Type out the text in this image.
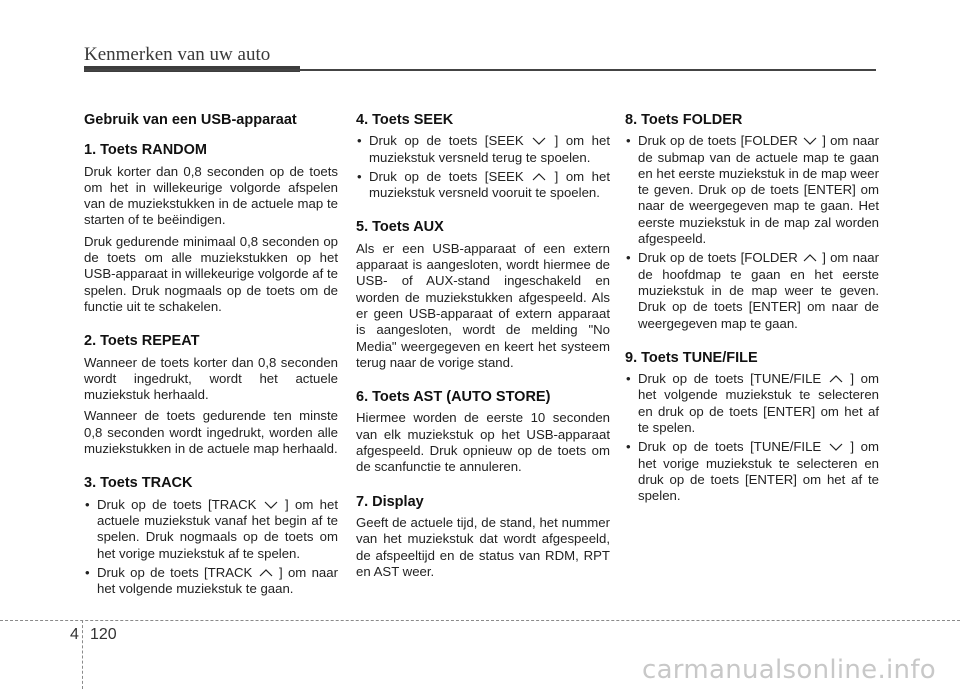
Kenmerken van uw auto
Gebruik van een USB-apparaat
1. Toets RANDOM

Druk korter dan 0,8 seconden op de toets om het in willekeurige volgorde afspelen van de muziekstukken in de actuele map te starten of te beëindigen.

Druk gedurende minimaal 0,8 seconden op de toets om alle muziekstukken op het USB-apparaat in willekeurige volgorde af te spelen. Druk nogmaals op de toets om de functie uit te schakelen.

2. Toets REPEAT

Wanneer de toets korter dan 0,8 seconden wordt ingedrukt, wordt het actuele muziekstuk herhaald.

Wanneer de toets gedurende ten minste 0,8 seconden wordt ingedrukt, worden alle muziekstukken in de actuele map herhaald.

3. Toets TRACK
• Druk op de toets [TRACK ] om het actuele muziekstuk vanaf het begin af te spelen. Druk nogmaals op de toets om het vorige muziekstuk af te spelen.
• Druk op de toets [TRACK ] om naar het volgende muziekstuk te gaan.
4. Toets SEEK
• Druk op de toets [SEEK ] om het muziekstuk versneld terug te spoelen.
• Druk op de toets [SEEK ] om het muziekstuk versneld vooruit te spoelen.
5. Toets AUX

Als er een USB-apparaat of een extern apparaat is aangesloten, wordt hiermee de USB- of AUX-stand ingeschakeld en worden de muziekstukken afgespeeld. Als er geen USB-apparaat of extern apparaat is aangesloten, wordt de melding "No Media" weergegeven en keert het systeem terug naar de vorige stand.

6. Toets AST (AUTO STORE)

Hiermee worden de eerste 10 seconden van elk muziekstuk op het USB-apparaat afgespeeld. Druk opnieuw op de toets om de scanfunctie te annuleren.

7. Display

Geeft de actuele tijd, de stand, het nummer van het muziekstuk dat wordt afgespeeld, de afspeeltijd en de status van RDM, RPT en AST weer.

8. Toets FOLDER
• Druk op de toets [FOLDER ] om naar de submap van de actuele map te gaan en het eerste muziekstuk in de map weer te geven. Druk op de toets [ENTER] om naar de weergegeven map te gaan. Het eerste muziekstuk in de map zal worden afgespeeld.
• Druk op de toets [FOLDER ] om naar de hoofdmap te gaan en het eerste muziekstuk in de map weer te geven. Druk op de toets [ENTER] om naar de weergegeven map te gaan.
9. Toets TUNE/FILE
• Druk op de toets [TUNE/FILE ] om het volgende muziekstuk te selecteren en druk op de toets [ENTER] om het af te spelen.
• Druk op de toets [TUNE/FILE ] om het vorige muziekstuk te selecteren en druk op de toets [ENTER] om het af te spelen.
4 120
carmanualsonline.info
